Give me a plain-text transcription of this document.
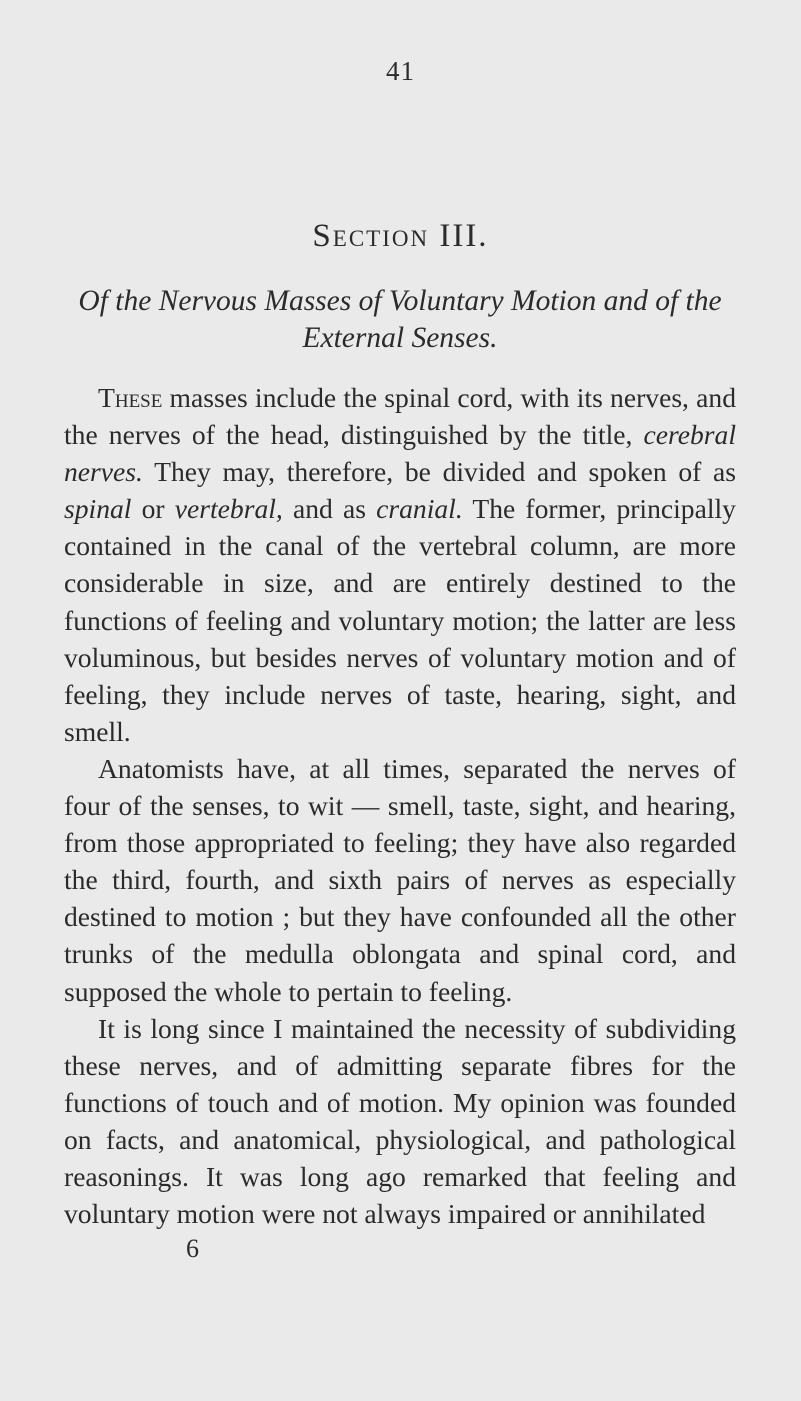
41
Section III.
Of the Nervous Masses of Voluntary Motion and of the External Senses.

These masses include the spinal cord, with its nerves, and the nerves of the head, distinguished by the title, cerebral nerves. They may, therefore, be divided and spoken of as spinal or vertebral, and as cranial. The former, principally contained in the canal of the vertebral column, are more considerable in size, and are entirely destined to the functions of feeling and voluntary motion; the latter are less voluminous, but besides nerves of voluntary motion and of feeling, they include nerves of taste, hearing, sight, and smell.

Anatomists have, at all times, separated the nerves of four of the senses, to wit — smell, taste, sight, and hearing, from those appropriated to feeling; they have also regarded the third, fourth, and sixth pairs of nerves as especially destined to motion ; but they have confounded all the other trunks of the medulla oblongata and spinal cord, and supposed the whole to pertain to feeling.

It is long since I maintained the necessity of subdividing these nerves, and of admitting separate fibres for the functions of touch and of motion. My opinion was founded on facts, and anatomical, physiological, and pathological reasonings. It was long ago remarked that feeling and voluntary motion were not always impaired or annihilated

6
